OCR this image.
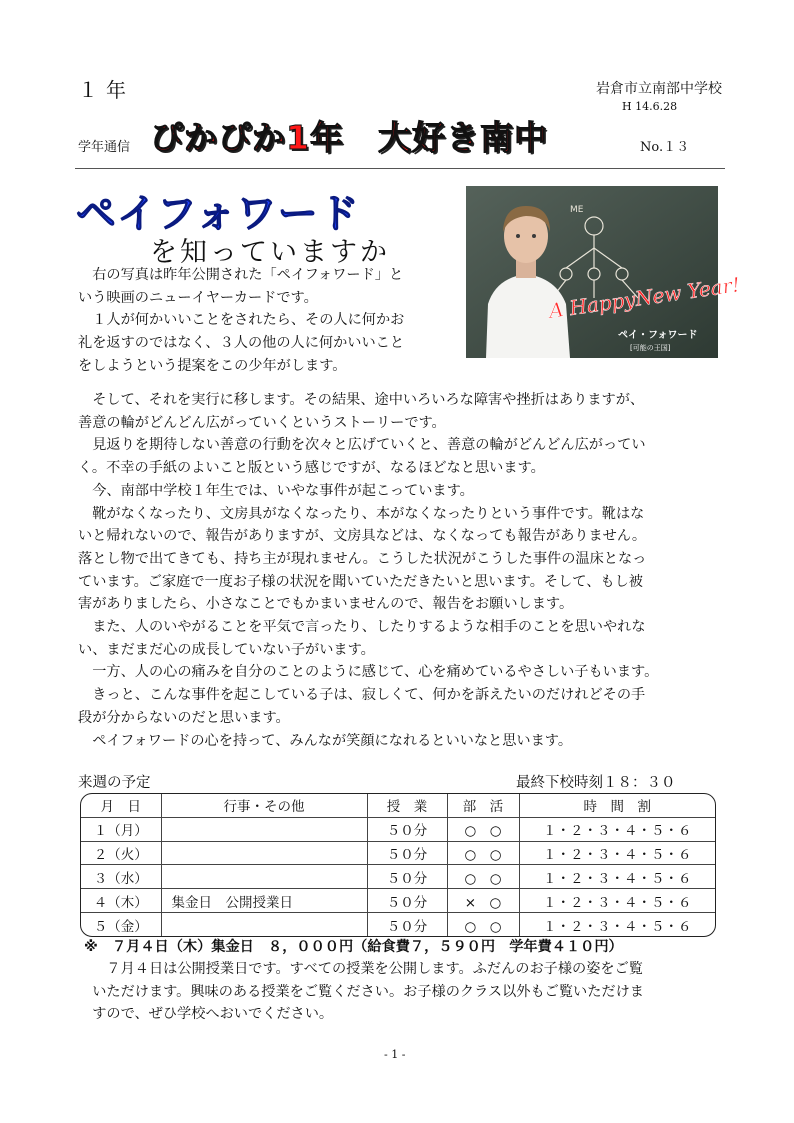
１年	岩倉市立南部中学校
H 14.6.28
学年通信 ぴかぴか1年　大好き南中	No.１３
ペイフォワード
を知っていますか
ME
A HappyNew Year!
ペイ・フォワード
[可能の王国]

　右の写真は昨年公開された「ペイフォワード」と

いう映画のニューイヤーカードです。

　１人が何かいいことをされたら、その人に何かお

礼を返すのではなく、３人の他の人に何かいいこと

をしようという提案をこの少年がします。

　そして、それを実行に移します。その結果、途中いろいろな障害や挫折はありますが、

善意の輪がどんどん広がっていくというストーリーです。

　見返りを期待しない善意の行動を次々と広げていくと、善意の輪がどんどん広がってい

く。不幸の手紙のよいこと版という感じですが、なるほどなと思います。

　今、南部中学校１年生では、いやな事件が起こっています。

　靴がなくなったり、文房具がなくなったり、本がなくなったりという事件です。靴はな

いと帰れないので、報告がありますが、文房具などは、なくなっても報告がありません。

落とし物で出てきても、持ち主が現れません。こうした状況がこうした事件の温床となっ

ています。ご家庭で一度お子様の状況を聞いていただきたいと思います。そして、もし被

害がありましたら、小さなことでもかまいませんので、報告をお願いします。

　また、人のいやがることを平気で言ったり、したりするような相手のことを思いやれな

い、まだまだ心の成長していない子がいます。

　一方、人の心の痛みを自分のことのように感じて、心を痛めているやさしい子もいます。

　きっと、こんな事件を起こしている子は、寂しくて、何かを訴えたいのだけれどその手

段が分からないのだと思います。

　ペイフォワードの心を持って、みんなが笑顔になれるといいなと思います。

来週の予定	最終下校時刻１８：３０
月　日	行事・その他	授　業	部　活	時　間　割
１（月）		５０分	○　○	１・２・３・４・５・６
２（火）		５０分	○　○	１・２・３・４・５・６
３（水）		５０分	○　○	１・２・３・４・５・６
４（木）	集金日　公開授業日	５０分	×　○	１・２・３・４・５・６
５（金）		５０分	○　○	１・２・３・４・５・６
※　７月４日（木）集金日　８，０００円（給食費７，５９０円　学年費４１０円）

　　７月４日は公開授業日です。すべての授業を公開します。ふだんのお子様の姿をご覧

　いただけます。興味のある授業をご覧ください。お子様のクラス以外もご覧いただけま

　すので、ぜひ学校へおいでください。

- 1 -
